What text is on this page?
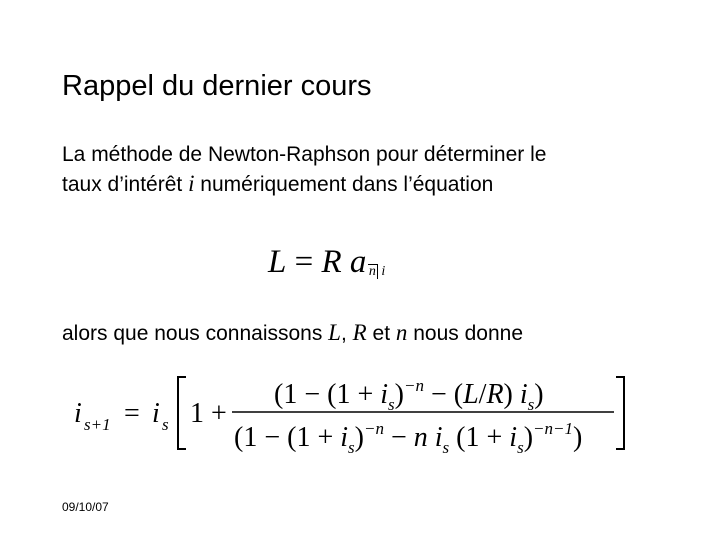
Rappel du dernier cours
La méthode de Newton-Raphson pour déterminer le
taux d’intérêt i numériquement dans l’équation
L = R a n i
alors que nous connaissons L, R et n nous donne
i s+1 = i s 1 +
($1 - (1 + i_s)^{-n} - (L/R)$ $i_s$)
($1 - (1 + i_s)^{-n} - n$ $i_s$ $(1 + i_s)^{-n-1}$)
09/10/07
